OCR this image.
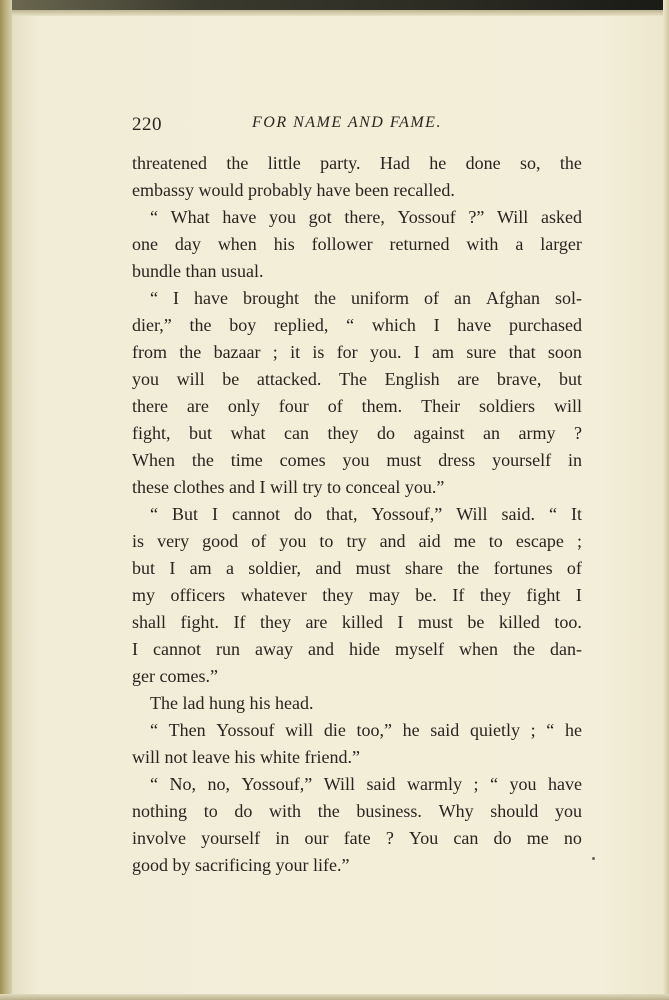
220	FOR NAME AND FAME.
threatened the little party. Had he done so, the
embassy would probably have been recalled.
“ What have you got there, Yossouf ?” Will asked
one day when his follower returned with a larger
bundle than usual.
“ I have brought the uniform of an Afghan sol-
dier,” the boy replied, “ which I have purchased
from the bazaar ; it is for you. I am sure that soon
you will be attacked. The English are brave, but
there are only four of them. Their soldiers will
fight, but what can they do against an army ?
When the time comes you must dress yourself in
these clothes and I will try to conceal you.”
“ But I cannot do that, Yossouf,” Will said. “ It
is very good of you to try and aid me to escape ;
but I am a soldier, and must share the fortunes of
my officers whatever they may be. If they fight I
shall fight. If they are killed I must be killed too.
I cannot run away and hide myself when the dan-
ger comes.”
The lad hung his head.
“ Then Yossouf will die too,” he said quietly ; “ he
will not leave his white friend.”
“ No, no, Yossouf,” Will said warmly ; “ you have
nothing to do with the business. Why should you
involve yourself in our fate ? You can do me no
good by sacrificing your life.”
